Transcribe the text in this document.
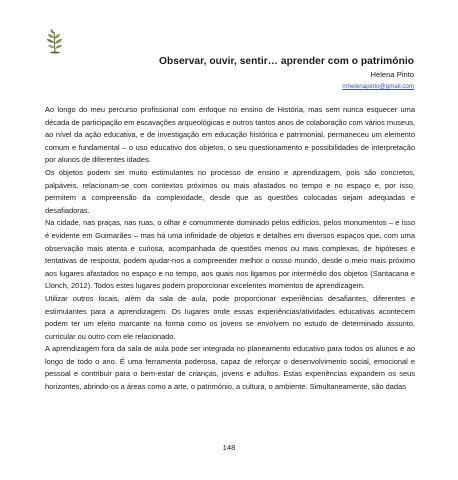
Observar, ouvir, sentir… aprender com o património
Helena Pinto
mhelenapinto@gmail.com

Ao longo do meu percurso profissional com enfoque no ensino de História, mas sem nunca esquecer uma década de participação em escavações arqueológicas e outros tantos anos de colaboração com vários museus, ao nível da ação educativa, e de investigação em educação histórica e patrimonial, permaneceu um elemento comum e fundamental – o uso educativo dos objetos, o seu questionamento e possibilidades de interpretação por alunos de diferentes idades.

Os objetos podem ser muito estimulantes no processo de ensino e aprendizagem, pois são concretos, palpáveis, relacionam-se com contextos próximos ou mais afastados no tempo e no espaço e, por isso, permitem a compreensão da complexidade, desde que as questões colocadas sejam adequadas e desafiadoras.

Na cidade, nas praças, nas ruas, o olhar é comummente dominado pelos edifícios, pelos monumentos – e isso é evidente em Guimarães – mas há uma infinidade de objetos e detalhes em diversos espaços que, com uma observação mais atenta e curiosa, acompanhada de questões menos ou mais complexas, de hipóteses e tentativas de resposta, podem ajudar-nos a compreender melhor o nosso mundo, desde o meio mais próximo aos lugares afastados no espaço e no tempo, aos quais nos ligamos por intermédio dos objetos (Santacana e Llonch, 2012). Todos estes lugares podem proporcionar excelentes momentos de aprendizagem.

Utilizar outros locais, além da sala de aula, pode proporcionar experiências desafiantes, diferentes e estimulantes para a aprendizagem. Os lugares onde essas experiências/atividades educativas acontecem podem ter um efeito marcante na forma como os jovens se envolvem no estudo de determinado assunto, curricular ou outro com ele relacionado.

A aprendizagem fora da sala de aula pode ser integrada no planeamento educativo para todos os alunos e ao longo de todo o ano. É uma ferramenta poderosa, capaz de reforçar o desenvolvimento social, emocional e pessoal e contribuir para o bem-estar de crianças, jovens e adultos. Estas experiências expandem os seus horizontes, abrindo-os a áreas como a arte, o património, a cultura, o ambiente. Simultaneamente, são dadas

148
